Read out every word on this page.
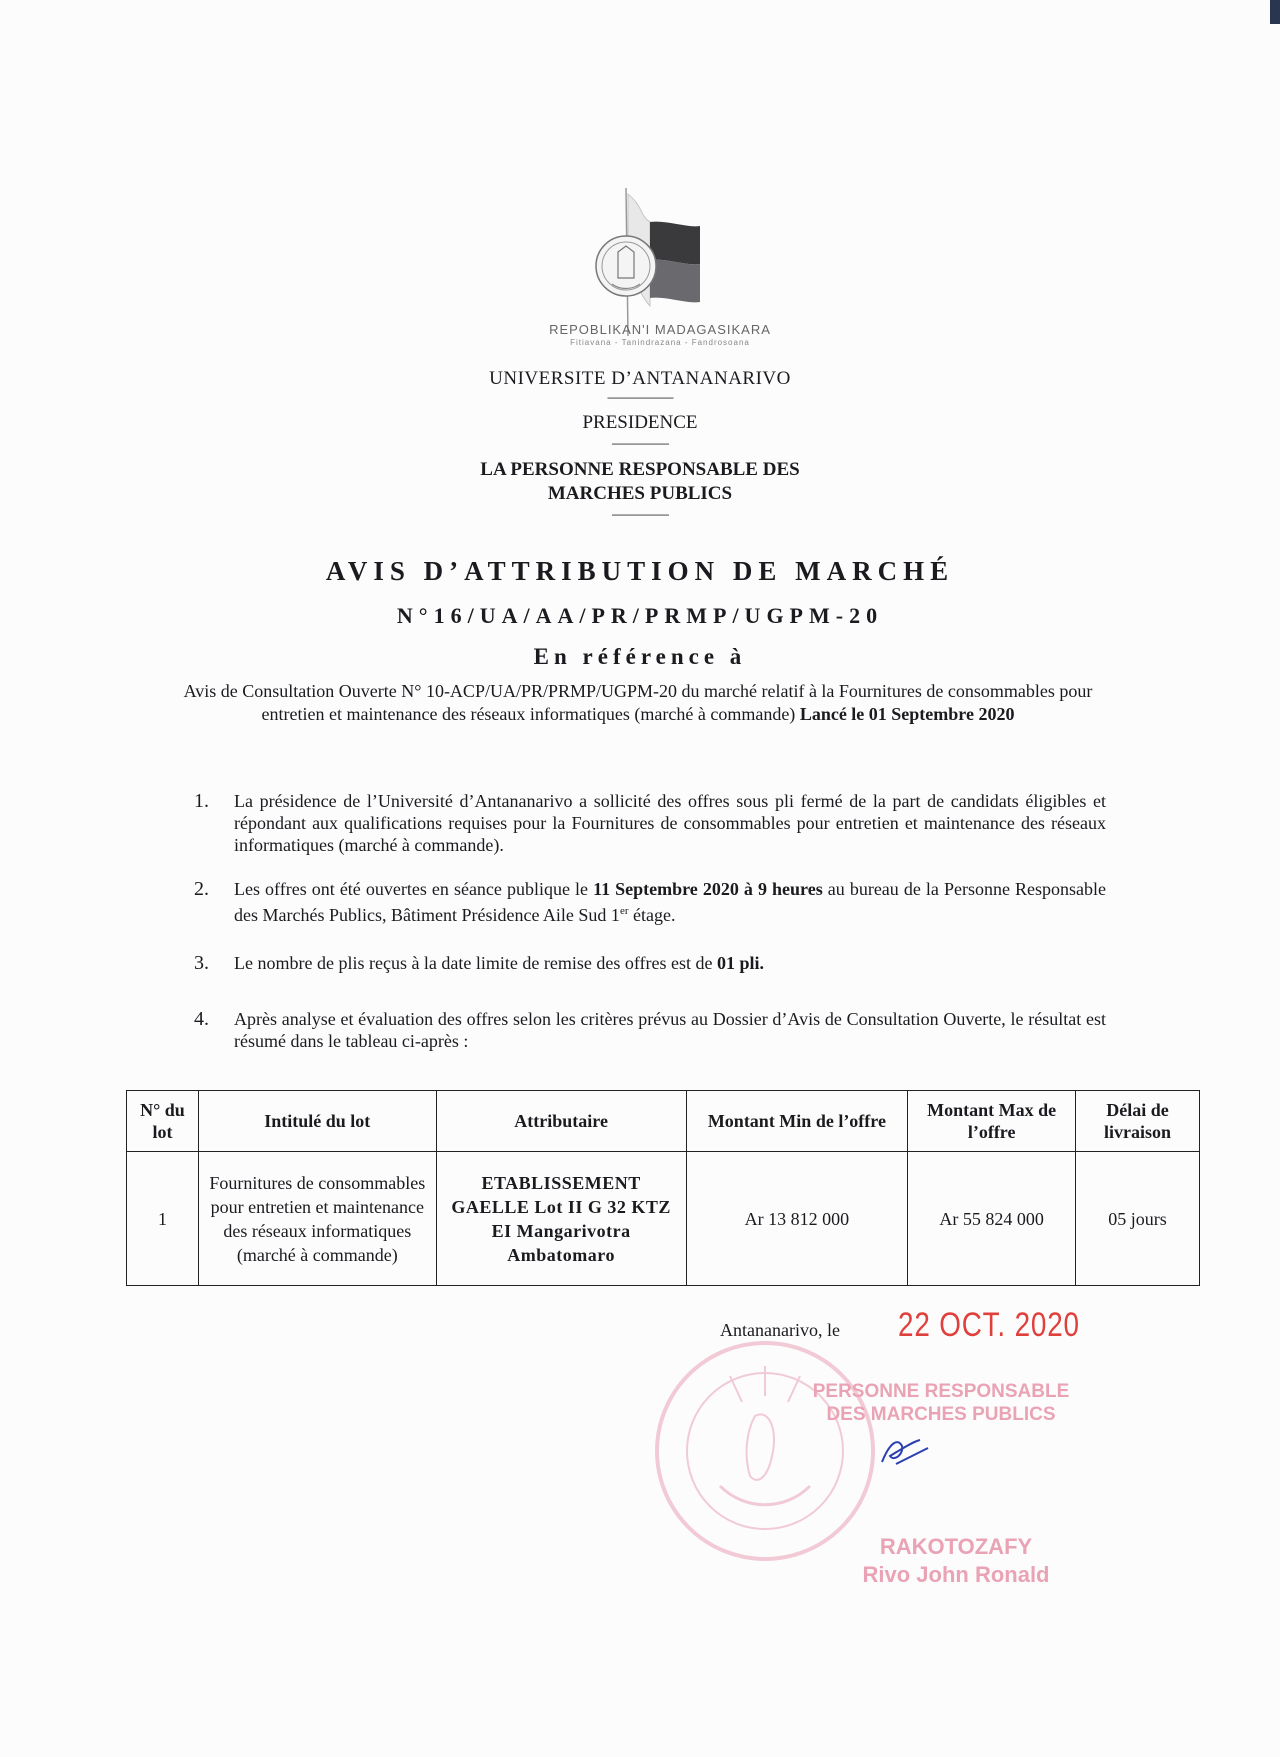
REPOBLIKAN'I MADAGASIKARA
Fitiavana - Tanindrazana - Fandrosoana
UNIVERSITE D’ANTANANARIVO
----------------------
PRESIDENCE
-------------------
LA PERSONNE RESPONSABLE DES
MARCHES PUBLICS
-------------------
AVIS D’ATTRIBUTION DE MARCHÉ
N°16/UA/AA/PR/PRMP/UGPM-20
En référence à
Avis de Consultation Ouverte N° 10-ACP/UA/PR/PRMP/UGPM-20 du marché relatif à la Fournitures de consommables pour entretien et maintenance des réseaux informatiques (marché à commande) Lancé le 01 Septembre 2020
1. La présidence de l’Université d’Antananarivo a sollicité des offres sous pli fermé de la part de candidats éligibles et répondant aux qualifications requises pour la Fournitures de consommables pour entretien et maintenance des réseaux informatiques (marché à commande).
2. Les offres ont été ouvertes en séance publique le 11 Septembre 2020 à 9 heures au bureau de la Personne Responsable des Marchés Publics, Bâtiment Présidence Aile Sud 1er étage.
3. Le nombre de plis reçus à la date limite de remise des offres est de 01 pli.
4. Après analyse et évaluation des offres selon les critères prévus au Dossier d’Avis de Consultation Ouverte, le résultat est résumé dans le tableau ci-après :
N° du lot	Intitulé du lot	Attributaire	Montant Min de l’offre	Montant Max de l’offre	Délai de livraison
1	Fournitures de consommables pour entretien et maintenance des réseaux informatiques (marché à commande)	ETABLISSEMENT GAELLE Lot II G 32 KTZ EI Mangarivotra Ambatomaro	Ar 13 812 000	Ar 55 824 000	05 jours
Antananarivo, le 22 OCT. 2020
PERSONNE RESPONSABLE DES MARCHES PUBLICS
RAKOTOZAFY
Rivo John Ronald
